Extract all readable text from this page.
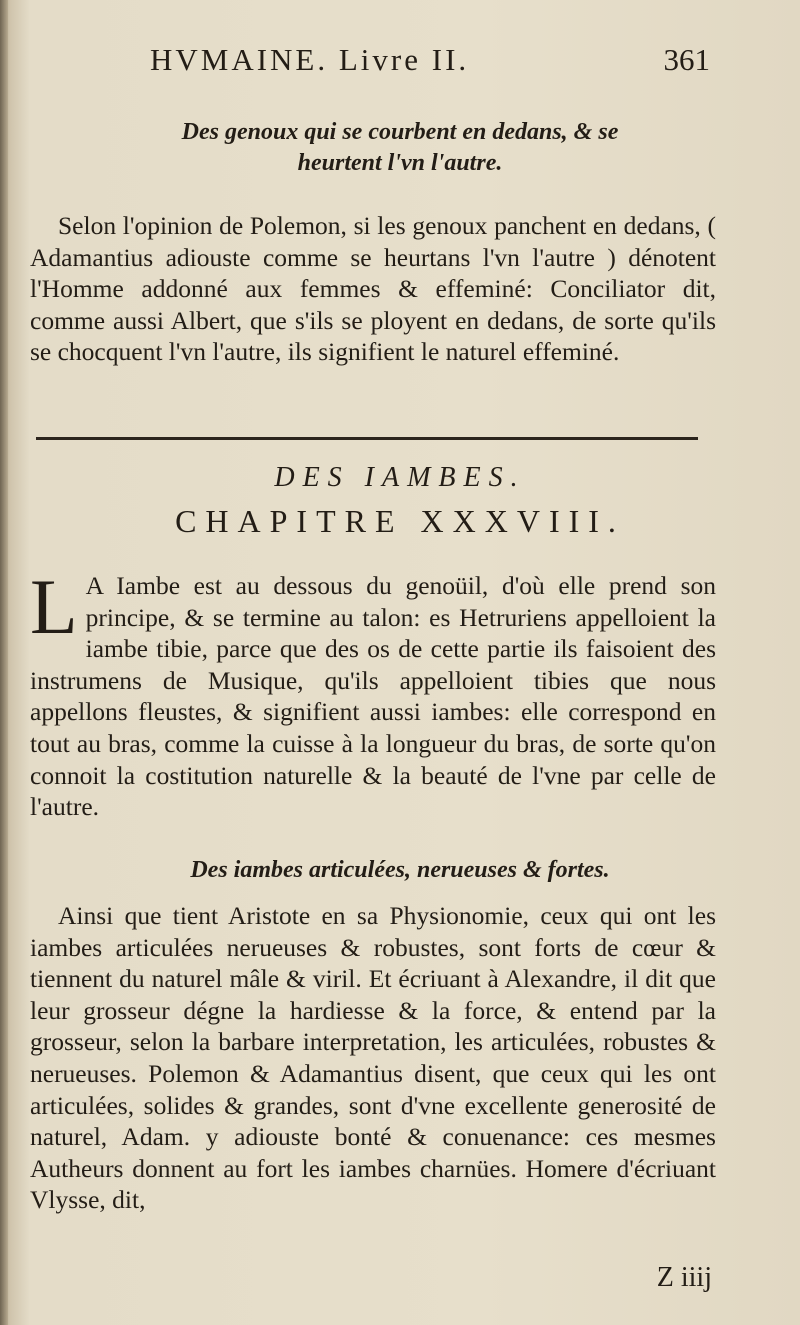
HVMAINE. Livre II.	361
Des genoux qui se courbent en dedans, & se
heurtent l'vn l'autre.

Selon l'opinion de Polemon, si les genoux panchent en dedans, ( Adamantius adiouste comme se heurtans l'vn l'autre ) dénotent l'Homme addonné aux femmes & effeminé: Conciliator dit, comme aussi Albert, que s'ils se ployent en dedans, de sorte qu'ils se chocquent l'vn l'autre, ils signifient le naturel effeminé.

DES IAMBES.
CHAPITRE XXXVIII.
L A Iambe est au dessous du genoüil, d'où elle prend son principe, & se termine au talon: es Hetruriens appelloient la iambe tibie, parce que des os de cette partie ils faisoient des instrumens de Musique, qu'ils appelloient tibies que nous appellons fleustes, & signifient aussi iambes: elle correspond en tout au bras, comme la cuisse à la longueur du bras, de sorte qu'on connoit la costitution naturelle & la beauté de l'vne par celle de l'autre.

Des iambes articulées, nerueuses & fortes.

Ainsi que tient Aristote en sa Physionomie, ceux qui ont les iambes articulées nerueuses & robustes, sont forts de cœur & tiennent du naturel mâle & viril. Et écriuant à Alexandre, il dit que leur grosseur dégne la hardiesse & la force, & entend par la grosseur, selon la barbare interpretation, les articulées, robustes & nerueuses. Polemon & Adamantius disent, que ceux qui les ont articulées, solides & grandes, sont d'vne excellente generosité de naturel, Adam. y adiouste bonté & conuenance: ces mesmes Autheurs donnent au fort les iambes charnües. Homere d'écriuant Vlysse, dit,

Z iiij
